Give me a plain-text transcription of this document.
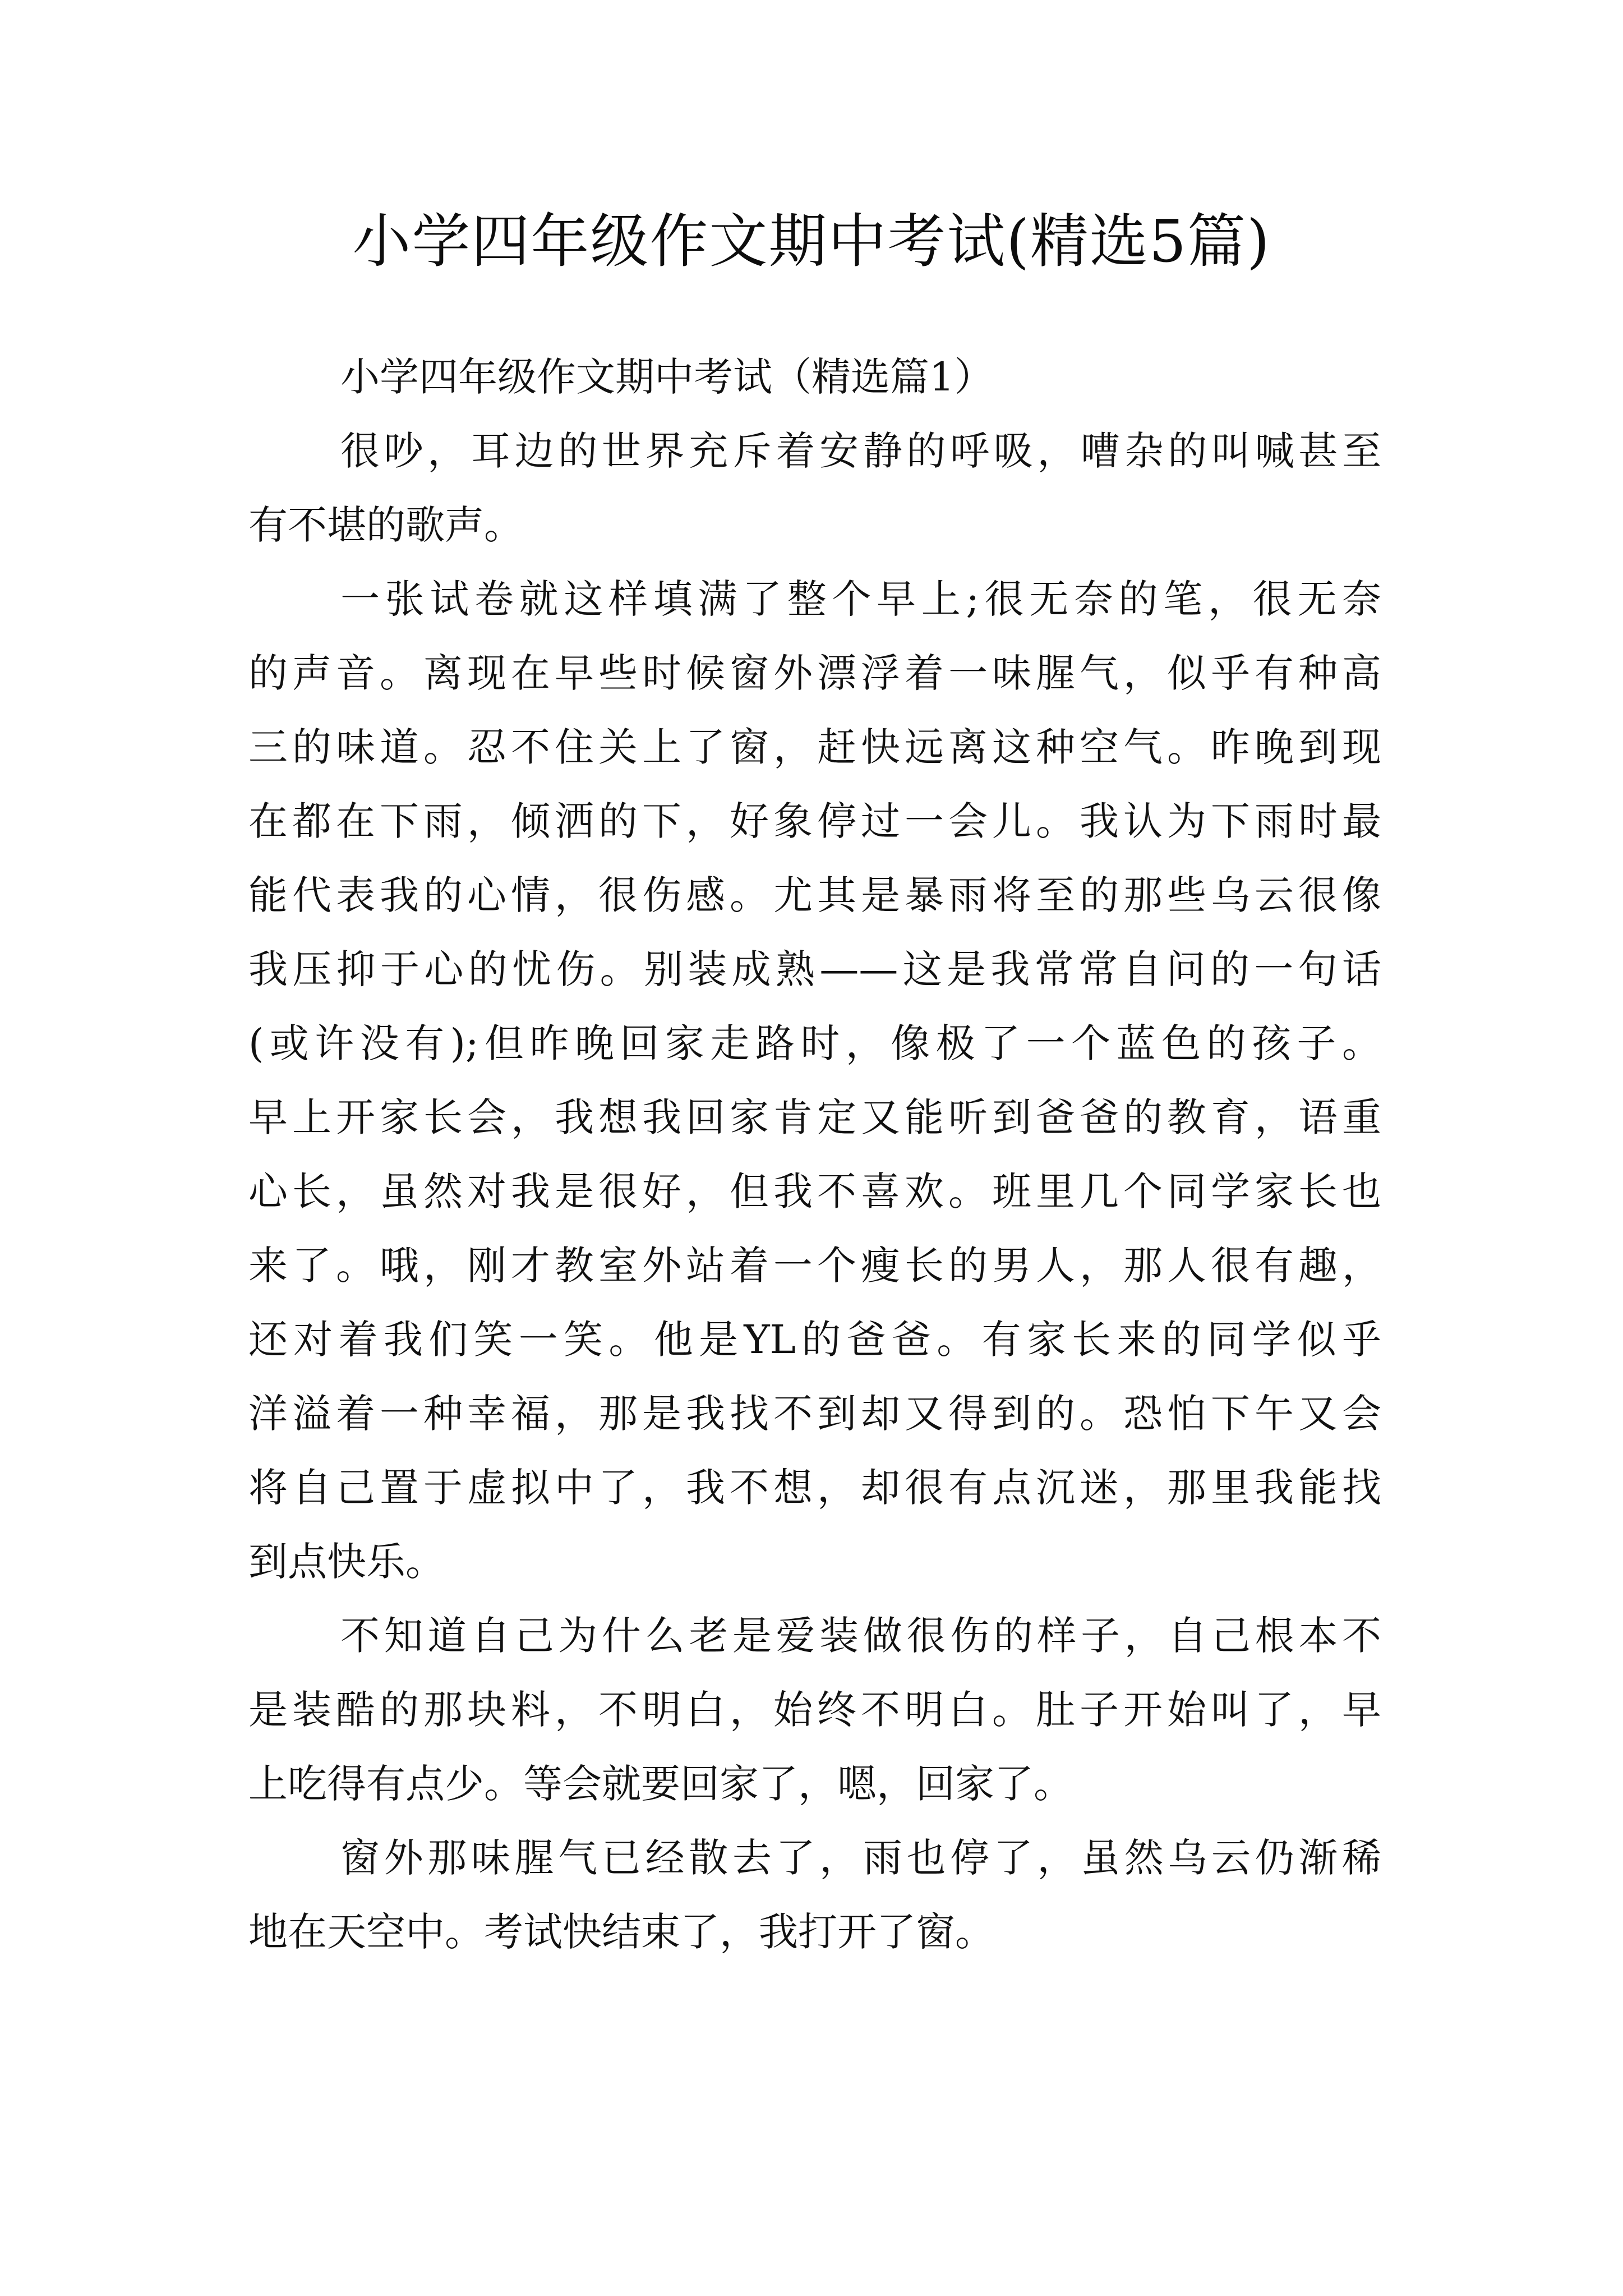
小学四年级作文期中考试(精选5篇)
小学四年级作文期中考试（精选篇1）
很吵，耳边的世界充斥着安静的呼吸，嘈杂的叫喊甚至
有不堪的歌声。
一张试卷就这样填满了整个早上;很无奈的笔，很无奈
的声音。离现在早些时候窗外漂浮着一味腥气，似乎有种高
三的味道。忍不住关上了窗，赶快远离这种空气。昨晚到现
在都在下雨，倾洒的下，好象停过一会儿。我认为下雨时最
能代表我的心情，很伤感。尤其是暴雨将至的那些乌云很像
我压抑于心的忧伤。别装成熟——这是我常常自问的一句话
(或许没有);但昨晚回家走路时，像极了一个蓝色的孩子。
早上开家长会，我想我回家肯定又能听到爸爸的教育，语重
心长，虽然对我是很好，但我不喜欢。班里几个同学家长也
来了。哦，刚才教室外站着一个瘦长的男人，那人很有趣，
还对着我们笑一笑。他是YL的爸爸。有家长来的同学似乎
洋溢着一种幸福，那是我找不到却又得到的。恐怕下午又会
将自己置于虚拟中了，我不想，却很有点沉迷，那里我能找
到点快乐。
不知道自己为什么老是爱装做很伤的样子，自己根本不
是装酷的那块料，不明白，始终不明白。肚子开始叫了，早
上吃得有点少。等会就要回家了，嗯，回家了。
窗外那味腥气已经散去了，雨也停了，虽然乌云仍渐稀
地在天空中。考试快结束了，我打开了窗。
